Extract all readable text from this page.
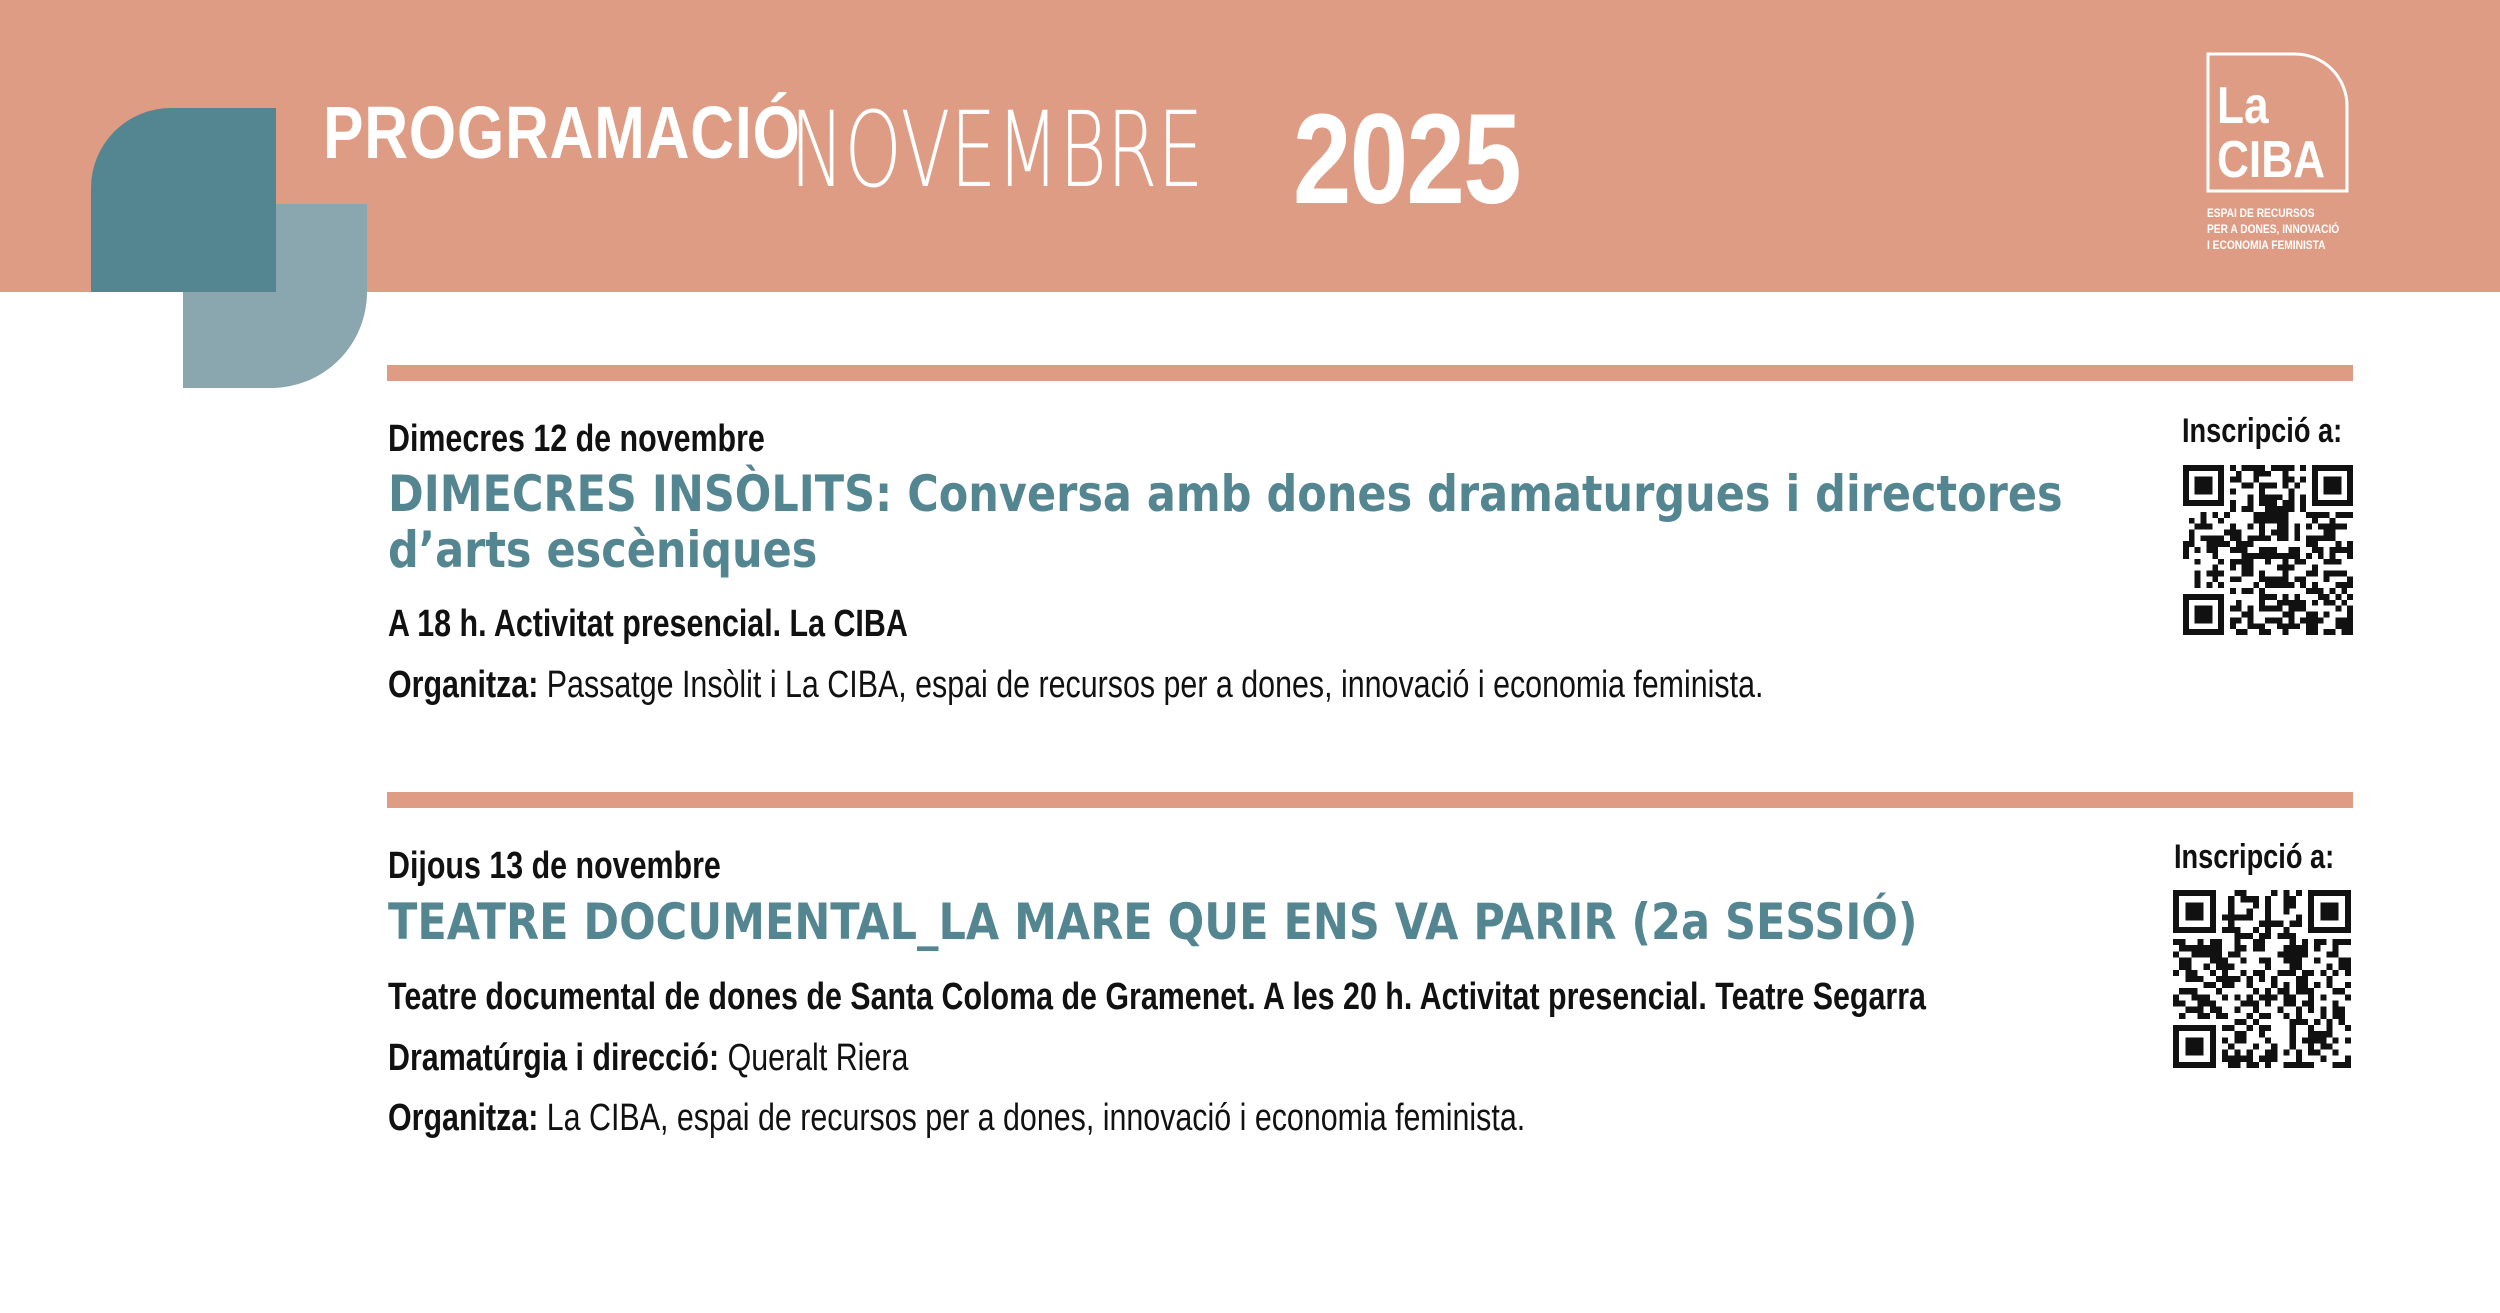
PROGRAMACIÓ
NOVEMBRE 2025	La
CIBA
ESPAI DE RECURSOS
PER A DONES, INNOVACIÓ
I ECONOMIA FEMINISTA
Dimecres 12 de novembre
DIMECRES INSÒLITS: Conversa amb dones dramaturgues i directores
d’arts escèniques
A 18 h. Activitat presencial. La CIBA
Organitza: Passatge Insòlit i La CIBA, espai de recursos per a dones, innovació i economia feminista.
Inscripció a:
Dijous 13 de novembre
TEATRE DOCUMENTAL_LA MARE QUE ENS VA PARIR (2a SESSIÓ)
Teatre documental de dones de Santa Coloma de Gramenet. A les 20 h. Activitat presencial. Teatre Segarra
Dramatúrgia i direcció: Queralt Riera
Organitza: La CIBA, espai de recursos per a dones, innovació i economia feminista.
Inscripció a:
